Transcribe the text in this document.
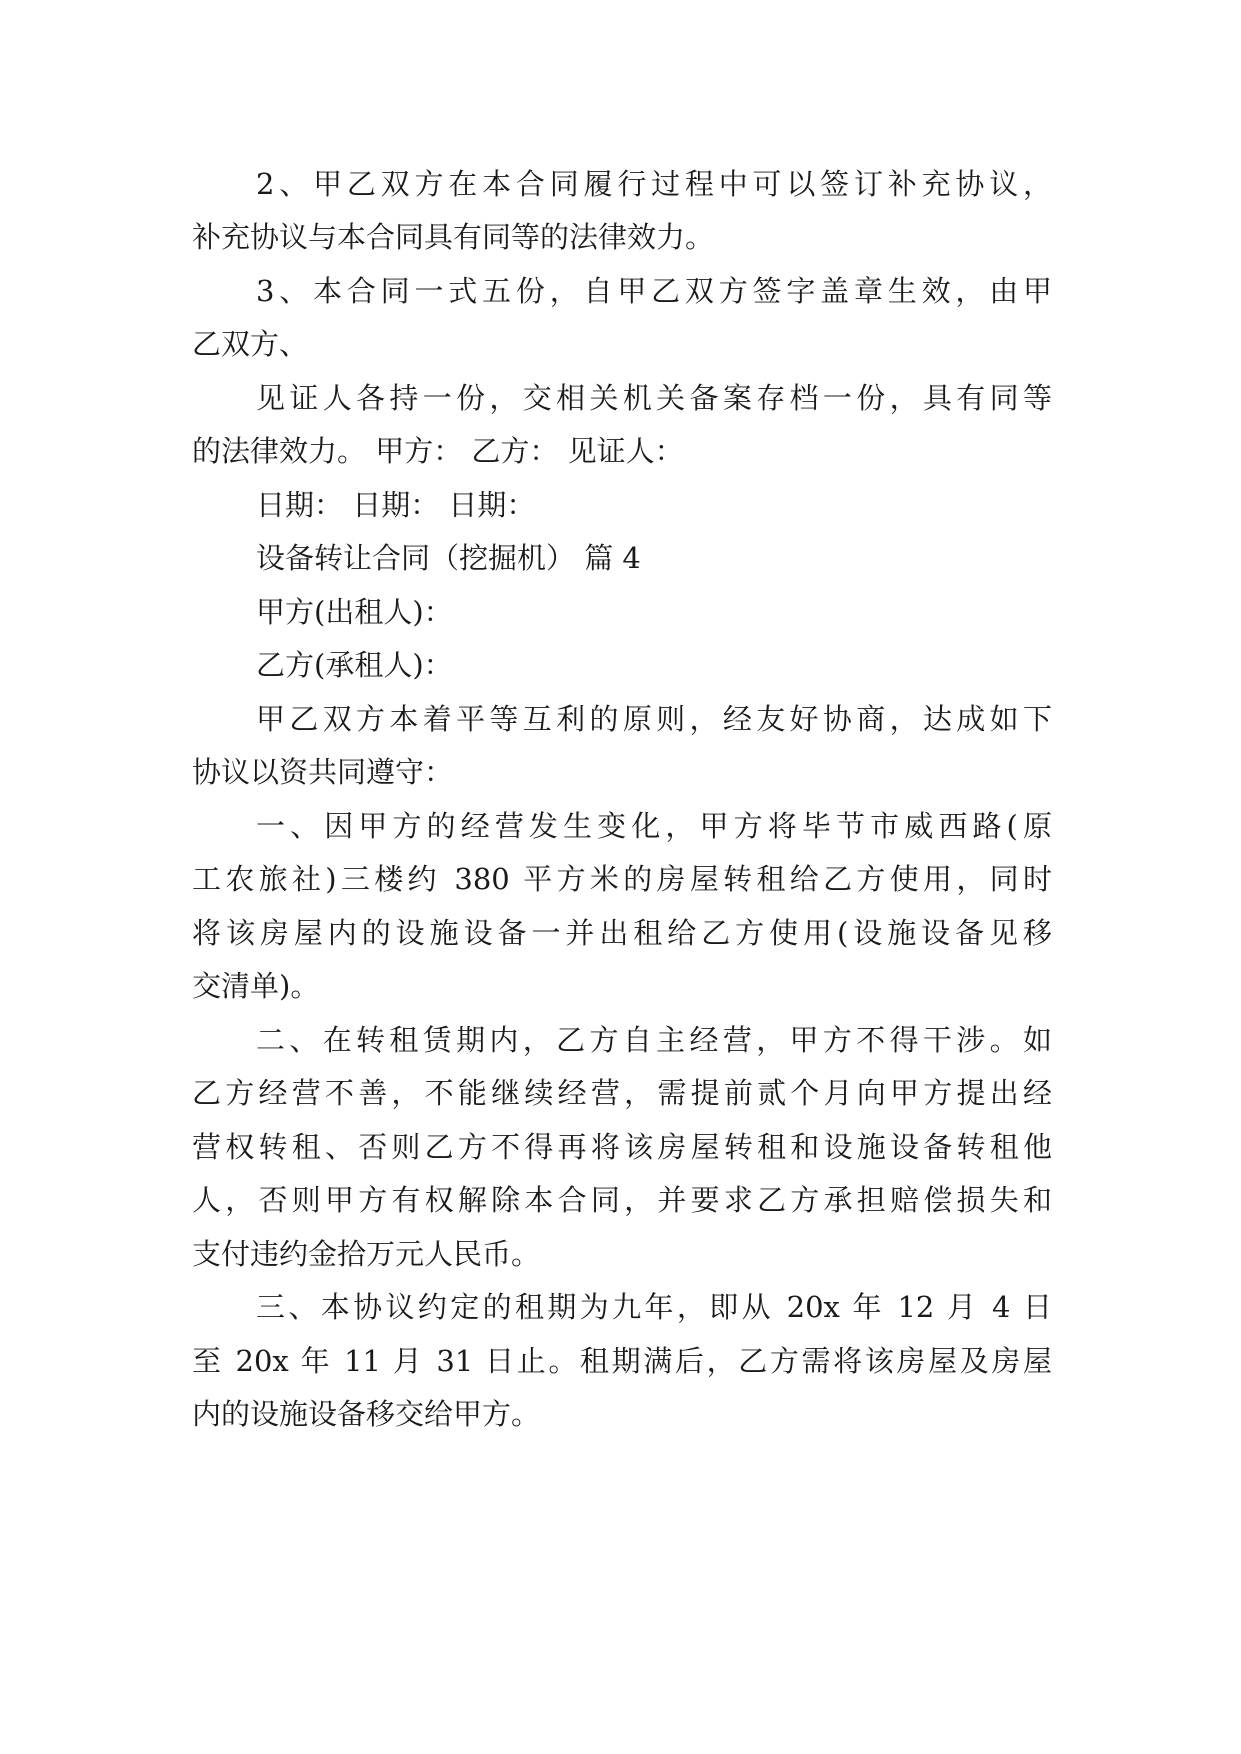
2、甲乙双方在本合同履行过程中可以签订补充协议，
补充协议与本合同具有同等的法律效力。
3、本合同一式五份，自甲乙双方签字盖章生效，由甲
乙双方、
见证人各持一份，交相关机关备案存档一份，具有同等
的法律效力。 甲方： 乙方： 见证人：
日期： 日期： 日期：
设备转让合同（挖掘机） 篇 4
甲方(出租人)：
乙方(承租人)：
甲乙双方本着平等互利的原则，经友好协商，达成如下
协议以资共同遵守：
一、因甲方的经营发生变化，甲方将毕节市威西路(原
工农旅社)三楼约 380 平方米的房屋转租给乙方使用，同时
将该房屋内的设施设备一并出租给乙方使用(设施设备见移
交清单)。
二、在转租赁期内，乙方自主经营，甲方不得干涉。如
乙方经营不善，不能继续经营，需提前贰个月向甲方提出经
营权转租、否则乙方不得再将该房屋转租和设施设备转租他
人，否则甲方有权解除本合同，并要求乙方承担赔偿损失和
支付违约金拾万元人民币。
三、本协议约定的租期为九年，即从 20x 年 12 月 4 日
至 20x 年 11 月 31 日止。租期满后，乙方需将该房屋及房屋
内的设施设备移交给甲方。
